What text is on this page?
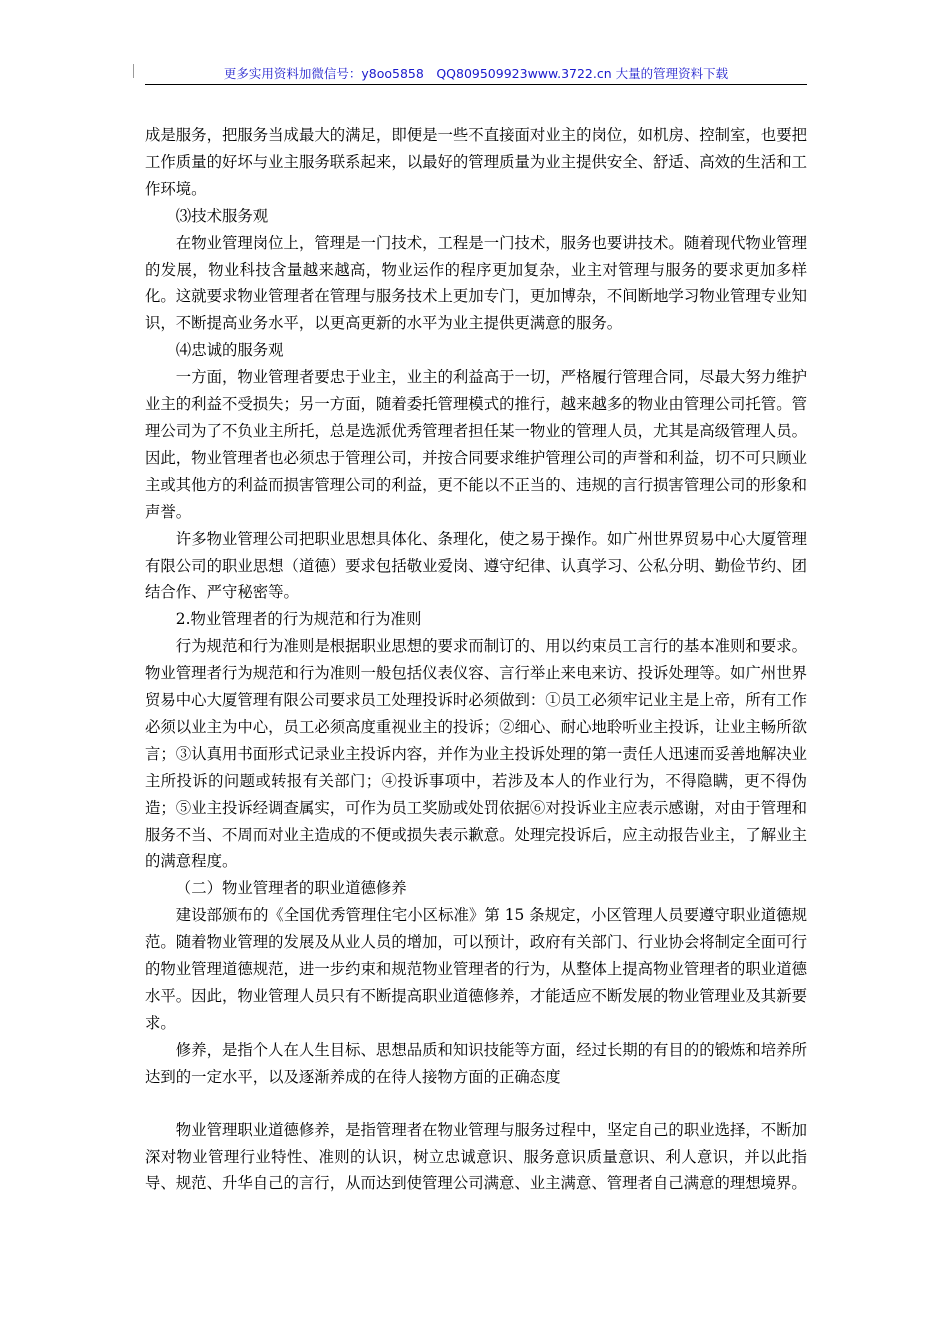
更多实用资料加微信号：y8oo5858　QQ809509923www.3722.cn 大量的管理资料下载

成是服务，把服务当成最大的满足，即便是一些不直接面对业主的岗位，如机房、控制室，也要把工作质量的好坏与业主服务联系起来，以最好的管理质量为业主提供安全、舒适、高效的生活和工作环境。

⑶技术服务观

在物业管理岗位上，管理是一门技术，工程是一门技术，服务也要讲技术。随着现代物业管理的发展，物业科技含量越来越高，物业运作的程序更加复杂，业主对管理与服务的要求更加多样化。这就要求物业管理者在管理与服务技术上更加专门，更加博杂，不间断地学习物业管理专业知识，不断提高业务水平，以更高更新的水平为业主提供更满意的服务。

⑷忠诚的服务观

一方面，物业管理者要忠于业主，业主的利益高于一切，严格履行管理合同，尽最大努力维护业主的利益不受损失；另一方面，随着委托管理模式的推行，越来越多的物业由管理公司托管。管理公司为了不负业主所托，总是选派优秀管理者担任某一物业的管理人员，尤其是高级管理人员。因此，物业管理者也必须忠于管理公司，并按合同要求维护管理公司的声誉和利益，切不可只顾业主或其他方的利益而损害管理公司的利益，更不能以不正当的、违规的言行损害管理公司的形象和声誉。

许多物业管理公司把职业思想具体化、条理化，使之易于操作。如广州世界贸易中心大厦管理有限公司的职业思想（道德）要求包括敬业爱岗、遵守纪律、认真学习、公私分明、勤俭节约、团结合作、严守秘密等。

2.物业管理者的行为规范和行为准则

行为规范和行为准则是根据职业思想的要求而制订的、用以约束员工言行的基本准则和要求。物业管理者行为规范和行为准则一般包括仪表仪容、言行举止来电来访、投诉处理等。如广州世界贸易中心大厦管理有限公司要求员工处理投诉时必须做到：①员工必须牢记业主是上帝，所有工作必须以业主为中心，员工必须高度重视业主的投诉；②细心、耐心地聆听业主投诉，让业主畅所欲言；③认真用书面形式记录业主投诉内容，并作为业主投诉处理的第一责任人迅速而妥善地解决业主所投诉的问题或转报有关部门；④投诉事项中，若涉及本人的作业行为，不得隐瞒，更不得伪造；⑤业主投诉经调查属实，可作为员工奖励或处罚依据⑥对投诉业主应表示感谢，对由于管理和服务不当、不周而对业主造成的不便或损失表示歉意。处理完投诉后，应主动报告业主，了解业主的满意程度。

（二）物业管理者的职业道德修养

建设部颁布的《全国优秀管理住宅小区标准》第 15 条规定，小区管理人员要遵守职业道德规范。随着物业管理的发展及从业人员的增加，可以预计，政府有关部门、行业协会将制定全面可行的物业管理道德规范，进一步约束和规范物业管理者的行为，从整体上提高物业管理者的职业道德水平。因此，物业管理人员只有不断提高职业道德修养，才能适应不断发展的物业管理业及其新要求。

修养，是指个人在人生目标、思想品质和知识技能等方面，经过长期的有目的的锻炼和培养所达到的一定水平，以及逐渐养成的在待人接物方面的正确态度

物业管理职业道德修养，是指管理者在物业管理与服务过程中，坚定自己的职业选择，不断加深对物业管理行业特性、准则的认识，树立忠诚意识、服务意识质量意识、利人意识，并以此指导、规范、升华自己的言行，从而达到使管理公司满意、业主满意、管理者自己满意的理想境界。
